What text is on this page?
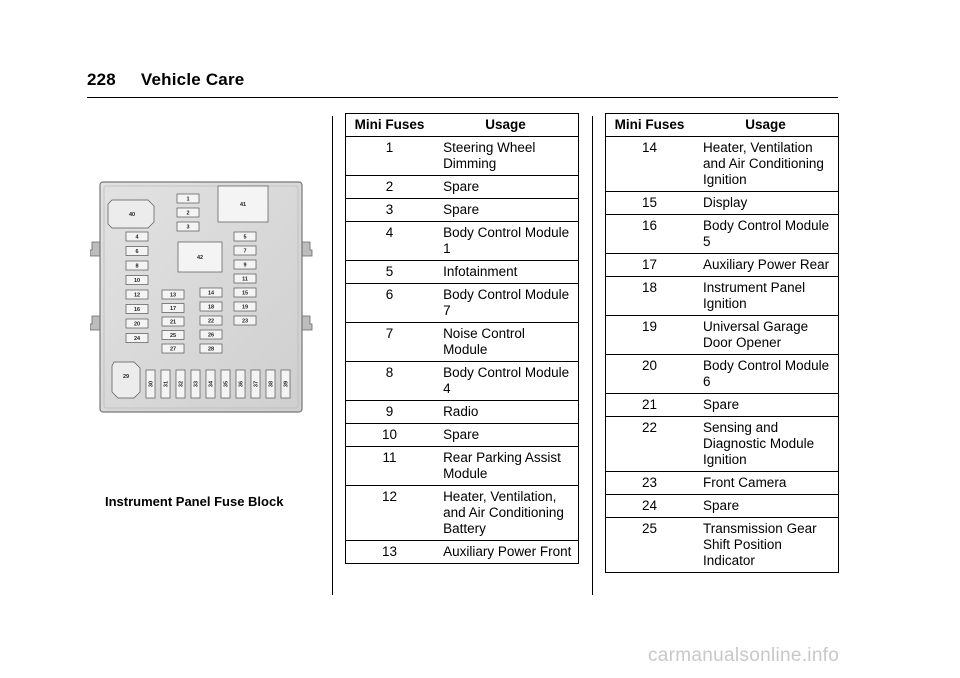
228 Vehicle Care
1
2
3
41
42
40
4
6
8
10
12
16
20
24
5
7
9
11
15
19
23
13
17
21
25
27
14
18
22
26
28
29
30 31 32 33 34 35 36 37 38 39
Instrument Panel Fuse Block
Mini Fuses	Usage
1	Steering Wheel Dimming
2	Spare
3	Spare
4	Body Control Module 1
5	Infotainment
6	Body Control Module 7
7	Noise Control Module
8	Body Control Module 4
9	Radio
10	Spare
11	Rear Parking Assist Module
12	Heater, Ventilation, and Air Conditioning Battery
13	Auxiliary Power Front
Mini Fuses	Usage
14	Heater, Ventilation and Air Conditioning Ignition
15	Display
16	Body Control Module 5
17	Auxiliary Power Rear
18	Instrument Panel Ignition
19	Universal Garage Door Opener
20	Body Control Module 6
21	Spare
22	Sensing and Diagnostic Module Ignition
23	Front Camera
24	Spare
25	Transmission Gear Shift Position Indicator
carmanualsonline.info
